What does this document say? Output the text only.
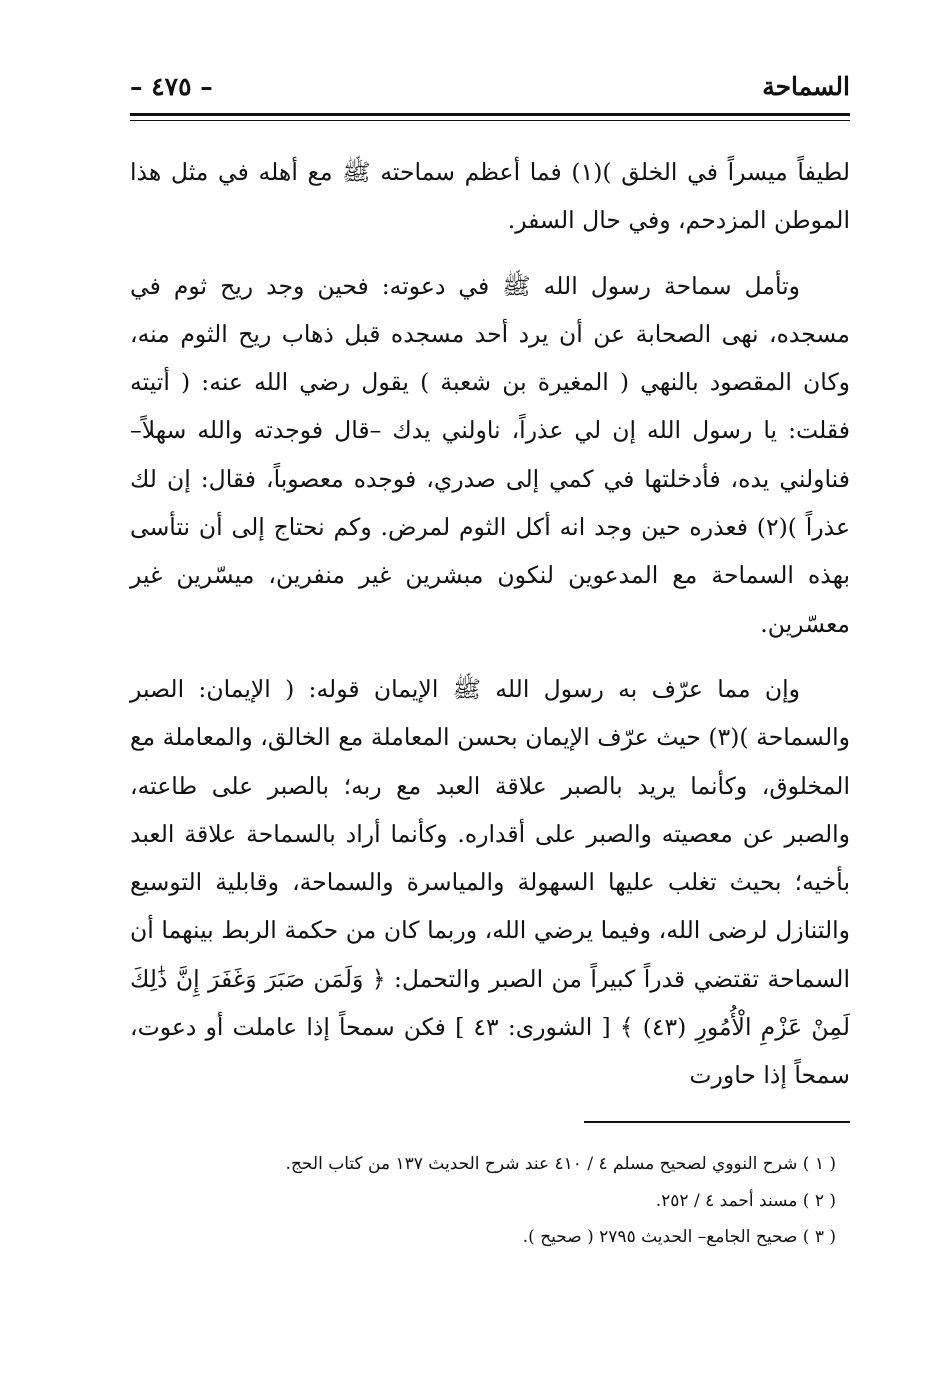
السماحة
– ٤٧٥ –

لطيفاً ميسراً في الخلق )(١) فما أعظم سماحته ﷺ مع أهله في مثل هذا الموطن المزدحم، وفي حال السفر.

وتأمل سماحة رسول الله ﷺ في دعوته: فحين وجد ريح ثوم في مسجده، نهى الصحابة عن أن يرد أحد مسجده قبل ذهاب ريح الثوم منه، وكان المقصود بالنهي ( المغيرة بن شعبة ) يقول رضي الله عنه: ( أتيته فقلت: يا رسول الله إن لي عذراً، ناولني يدك –قال فوجدته والله سهلاً– فناولني يده، فأدخلتها في كمي إلى صدري، فوجده معصوباً، فقال: إن لك عذراً )(٢) فعذره حين وجد انه أكل الثوم لمرض. وكم نحتاج إلى أن نتأسى بهذه السماحة مع المدعوين لنكون مبشرين غير منفرين، ميسّرين غير معسّرين.

وإن مما عرّف به رسول الله ﷺ الإيمان قوله: ( الإيمان: الصبر والسماحة )(٣) حيث عرّف الإيمان بحسن المعاملة مع الخالق، والمعاملة مع المخلوق، وكأنما يريد بالصبر علاقة العبد مع ربه؛ بالصبر على طاعته، والصبر عن معصيته والصبر على أقداره. وكأنما أراد بالسماحة علاقة العبد بأخيه؛ بحيث تغلب عليها السهولة والمياسرة والسماحة، وقابلية التوسيع والتنازل لرضى الله، وفيما يرضي الله، وربما كان من حكمة الربط بينهما أن السماحة تقتضي قدراً كبيراً من الصبر والتحمل: ﴿ وَلَمَن صَبَرَ وَغَفَرَ إِنَّ ذَٰلِكَ لَمِنْ عَزْمِ الْأُمُورِ (٤٣) ﴾ [ الشورى: ٤٣ ] فكن سمحاً إذا عاملت أو دعوت، سمحاً إذا حاورت

( ١ ) شرح النووي لصحيح مسلم ٤ / ٤١٠ عند شرح الحديث ١٣٧ من كتاب الحج.

( ٢ ) مسند أحمد ٤ / ٢٥٢.

( ٣ ) صحيح الجامع– الحديث ٢٧٩٥ ( صحيح ).
